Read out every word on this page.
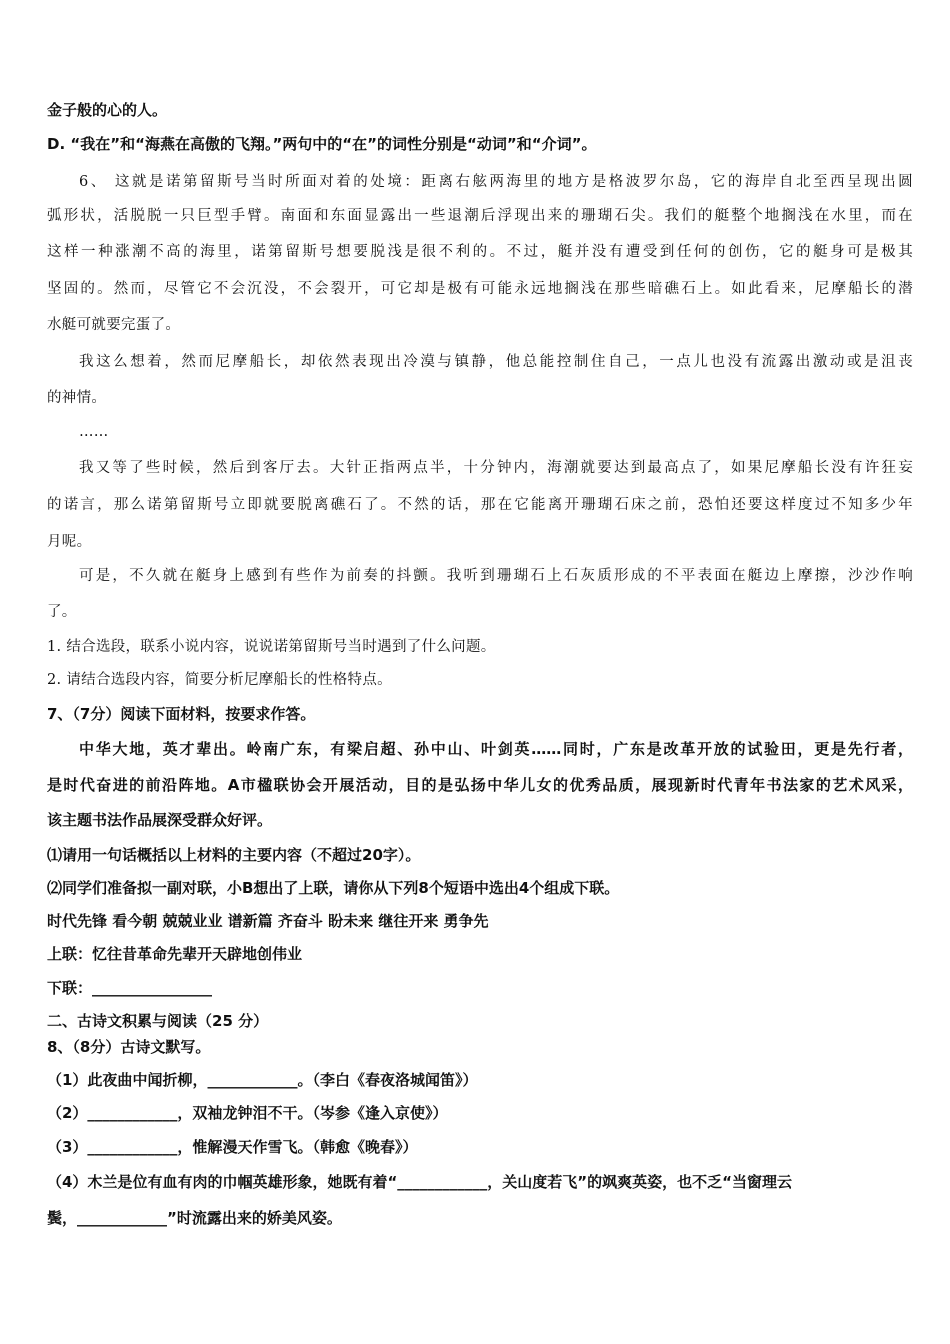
金子般的心的人。
D. “我在”和“海燕在高傲的飞翔。”两句中的“在”的词性分别是“动词”和“介词”。
6、 这就是诺第留斯号当时所面对着的处境：距离右舷两海里的地方是格波罗尔岛，它的海岸自北至西呈现出圆
弧形状，活脱脱一只巨型手臂。南面和东面显露出一些退潮后浮现出来的珊瑚石尖。我们的艇整个地搁浅在水里，而在
这样一种涨潮不高的海里，诺第留斯号想要脱浅是很不利的。不过，艇并没有遭受到任何的创伤，它的艇身可是极其
坚固的。然而，尽管它不会沉没，不会裂开，可它却是极有可能永远地搁浅在那些暗礁石上。如此看来，尼摩船长的潜
水艇可就要完蛋了。
我这么想着，然而尼摩船长，却依然表现出冷漠与镇静，他总能控制住自己，一点儿也没有流露出激动或是沮丧
的神情。
……
我又等了些时候，然后到客厅去。大针正指两点半，十分钟内，海潮就要达到最高点了，如果尼摩船长没有许狂妄
的诺言，那么诺第留斯号立即就要脱离礁石了。不然的话，那在它能离开珊瑚石床之前，恐怕还要这样度过不知多少年
月呢。
可是，不久就在艇身上感到有些作为前奏的抖颤。我听到珊瑚石上石灰质形成的不平表面在艇边上摩擦，沙沙作响
了。
1. 结合选段，联系小说内容，说说诺第留斯号当时遇到了什么问题。
2. 请结合选段内容，简要分析尼摩船长的性格特点。
7、（7分）阅读下面材料，按要求作答。
中华大地，英才辈出。岭南广东，有梁启超、孙中山、叶剑英……同时，广东是改革开放的试验田，更是先行者，
是时代奋进的前沿阵地。A市楹联协会开展活动，目的是弘扬中华儿女的优秀品质，展现新时代青年书法家的艺术风采，
该主题书法作品展深受群众好评。
⑴请用一句话概括以上材料的主要内容（不超过20字）。
⑵同学们准备拟一副对联，小B想出了上联，请你从下列8个短语中选出4个组成下联。
时代先锋 看今朝 兢兢业业 谱新篇 齐奋斗 盼未来 继往开来 勇争先
上联：忆往昔革命先辈开天辟地创伟业
下联：________________
二、古诗文积累与阅读（25 分）
8、（8分）古诗文默写。
（1）此夜曲中闻折柳，____________。（李白《春夜洛城闻笛》）
（2）____________，双袖龙钟泪不干。（岑参《逢入京使》）
（3）____________，惟解漫天作雪飞。（韩愈《晚春》）
（4）木兰是位有血有肉的巾帼英雄形象，她既有着“____________，关山度若飞”的飒爽英姿，也不乏“当窗理云
鬓，____________”时流露出来的娇美风姿。
